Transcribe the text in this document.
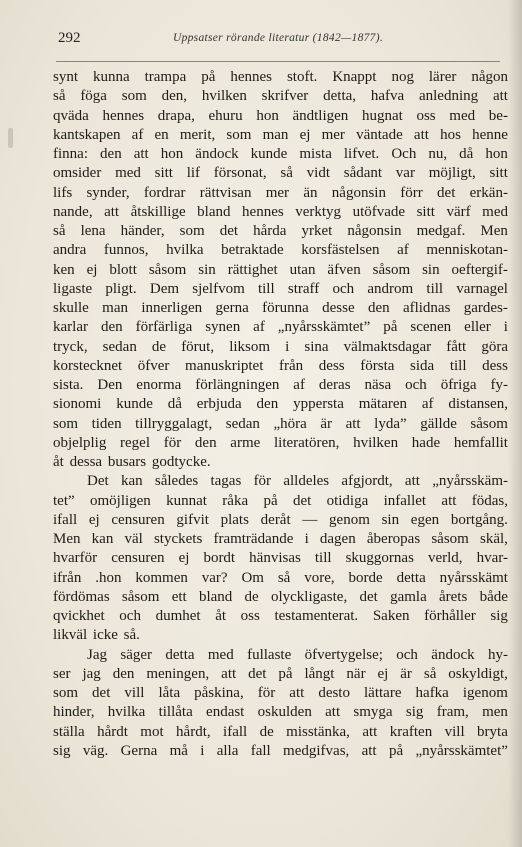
292	Uppsatser rörande literatur (1842—1877).
synt kunna trampa på hennes stoft. Knappt nog lärer någon
så föga som den, hvilken skrifver detta, hafva anledning att
qväda hennes drapa, ehuru hon ändtligen hugnat oss med be-
kantskapen af en merit, som man ej mer väntade att hos henne
finna: den att hon ändock kunde mista lifvet. Och nu, då hon
omsider med sitt lif försonat, så vidt sådant var möjligt, sitt
lifs synder, fordrar rättvisan mer än någonsin förr det erkän-
nande, att åtskillige bland hennes verktyg utöfvade sitt värf med
så lena händer, som det hårda yrket någonsin medgaf. Men
andra funnos, hvilka betraktade korsfästelsen af menniskotan-
ken ej blott såsom sin rättighet utan äfven såsom sin oeftergif-
ligaste pligt. Dem sjelfvom till straff och androm till varnagel
skulle man innerligen gerna förunna desse den aflidnas gardes-
karlar den förfärliga synen af „nyårsskämtet” på scenen eller i
tryck, sedan de förut, liksom i sina välmaktsdagar fått göra
korstecknet öfver manuskriptet från dess första sida till dess
sista. Den enorma förlängningen af deras näsa och öfriga fy-
sionomi kunde då erbjuda den yppersta mätaren af distansen,
som tiden tillryggalagt, sedan „höra är att lyda” gällde såsom
objelplig regel för den arme literatören, hvilken hade hemfallit
åt dessa busars godtycke.
Det kan således tagas för alldeles afgjordt, att „nyårsskäm-
tet” omöjligen kunnat råka på det otidiga infallet att födas,
ifall ej censuren gifvit plats deråt — genom sin egen bortgång.
Men kan väl styckets framträdande i dagen åberopas såsom skäl,
hvarför censuren ej bordt hänvisas till skuggornas verld, hvar-
ifrån .hon kommen var? Om så vore, borde detta nyårsskämt
fördömas såsom ett bland de olyckligaste, det gamla årets både
qvickhet och dumhet åt oss testamenterat. Saken förhåller sig
likväl icke så.
Jag säger detta med fullaste öfvertygelse; och ändock hy-
ser jag den meningen, att det på långt när ej är så oskyldigt,
som det vill låta påskina, för att desto lättare hafka igenom
hinder, hvilka tillåta endast oskulden att smyga sig fram, men
ställa hårdt mot hårdt, ifall de misstänka, att kraften vill bryta
sig väg. Gerna må i allа fall medgifvas, att på „nyårsskämtet”
